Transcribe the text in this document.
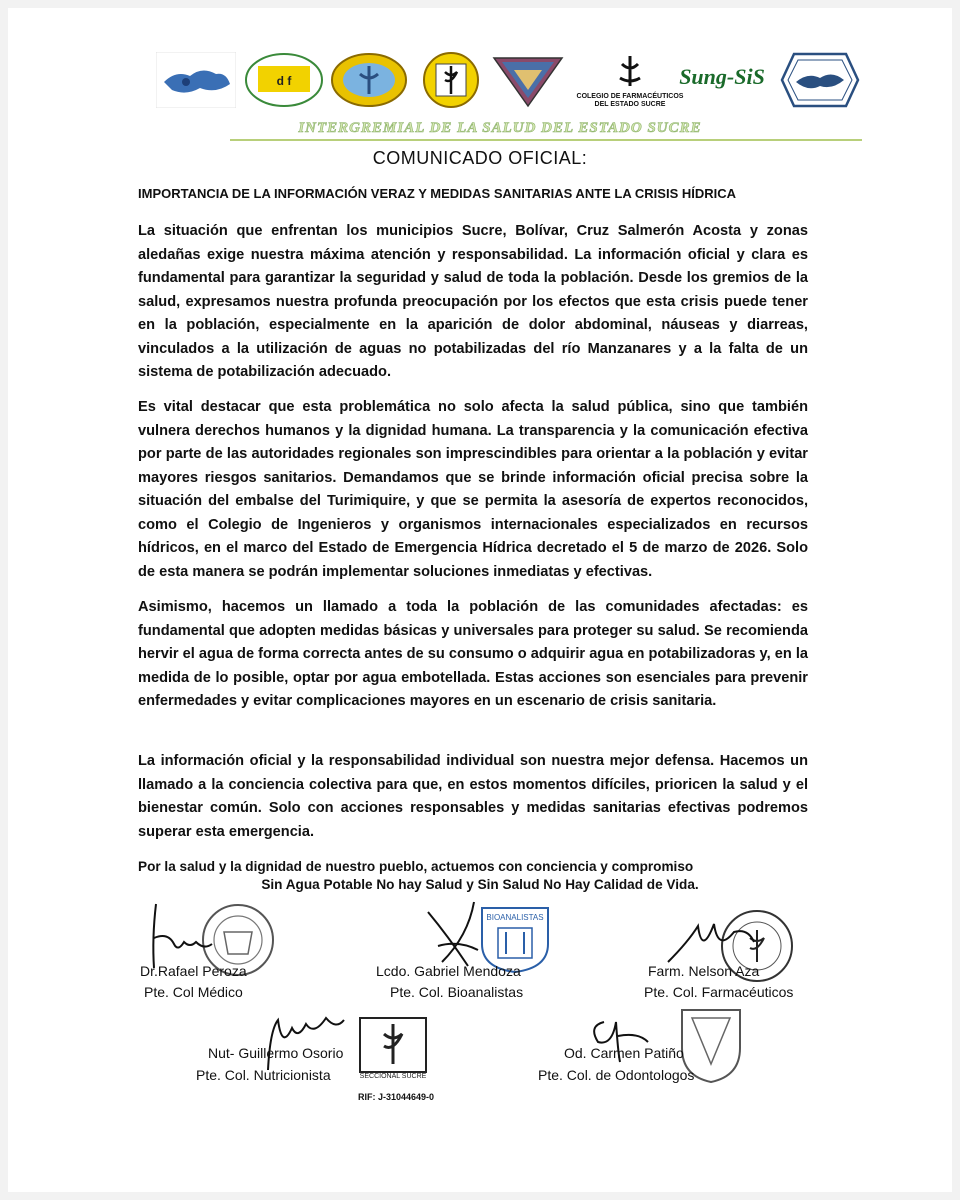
d f
COLEGIO DE FARMACÉUTICOS
DEL ESTADO SUCRE
Sung-SiS
INTERGREMIAL DE LA SALUD DEL ESTADO SUCRE
COMUNICADO OFICIAL:
IMPORTANCIA DE LA INFORMACIÓN VERAZ Y MEDIDAS SANITARIAS ANTE LA CRISIS HÍDRICA
La situación que enfrentan los municipios Sucre, Bolívar, Cruz Salmerón Acosta y zonas aledañas exige nuestra máxima atención y responsabilidad. La información oficial y clara es fundamental para garantizar la seguridad y salud de toda la población. Desde los gremios de la salud, expresamos nuestra profunda preocupación por los efectos que esta crisis puede tener en la población, especialmente en la aparición de dolor abdominal, náuseas y diarreas, vinculados a la utilización de aguas no potabilizadas del río Manzanares y a la falta de un sistema de potabilización adecuado.
Es vital destacar que esta problemática no solo afecta la salud pública, sino que también vulnera derechos humanos y la dignidad humana. La transparencia y la comunicación efectiva por parte de las autoridades regionales son imprescindibles para orientar a la población y evitar mayores riesgos sanitarios. Demandamos que se brinde información oficial precisa sobre la situación del embalse del Turimiquire, y que se permita la asesoría de expertos reconocidos, como el Colegio de Ingenieros y organismos internacionales especializados en recursos hídricos, en el marco del Estado de Emergencia Hídrica decretado el 5 de marzo de 2026. Solo de esta manera se podrán implementar soluciones inmediatas y efectivas.
Asimismo, hacemos un llamado a toda la población de las comunidades afectadas: es fundamental que adopten medidas básicas y universales para proteger su salud. Se recomienda hervir el agua de forma correcta antes de su consumo o adquirir agua en potabilizadoras y, en la medida de lo posible, optar por agua embotellada. Estas acciones son esenciales para prevenir enfermedades y evitar complicaciones mayores en un escenario de crisis sanitaria.
La información oficial y la responsabilidad individual son nuestra mejor defensa. Hacemos un llamado a la conciencia colectiva para que, en estos momentos difíciles, prioricen la salud y el bienestar común. Solo con acciones responsables y medidas sanitarias efectivas podremos superar esta emergencia.
Por la salud y la dignidad de nuestro pueblo, actuemos con conciencia y compromiso
Sin Agua Potable No hay Salud y Sin Salud No Hay Calidad de Vida.
Dr.Rafael Peroza
Pte. Col Médico
BIOANALISTAS
Lcdo. Gabriel Mendoza
Pte. Col. Bioanalistas
Farm. Nelson Aza
Pte. Col. Farmacéuticos
SECCIONAL SUCRE
Nut- Guillermo Osorio
Pte. Col. Nutricionista
RIF: J-31044649-0
Od. Carmen Patiño
Pte. Col. de Odontologos
